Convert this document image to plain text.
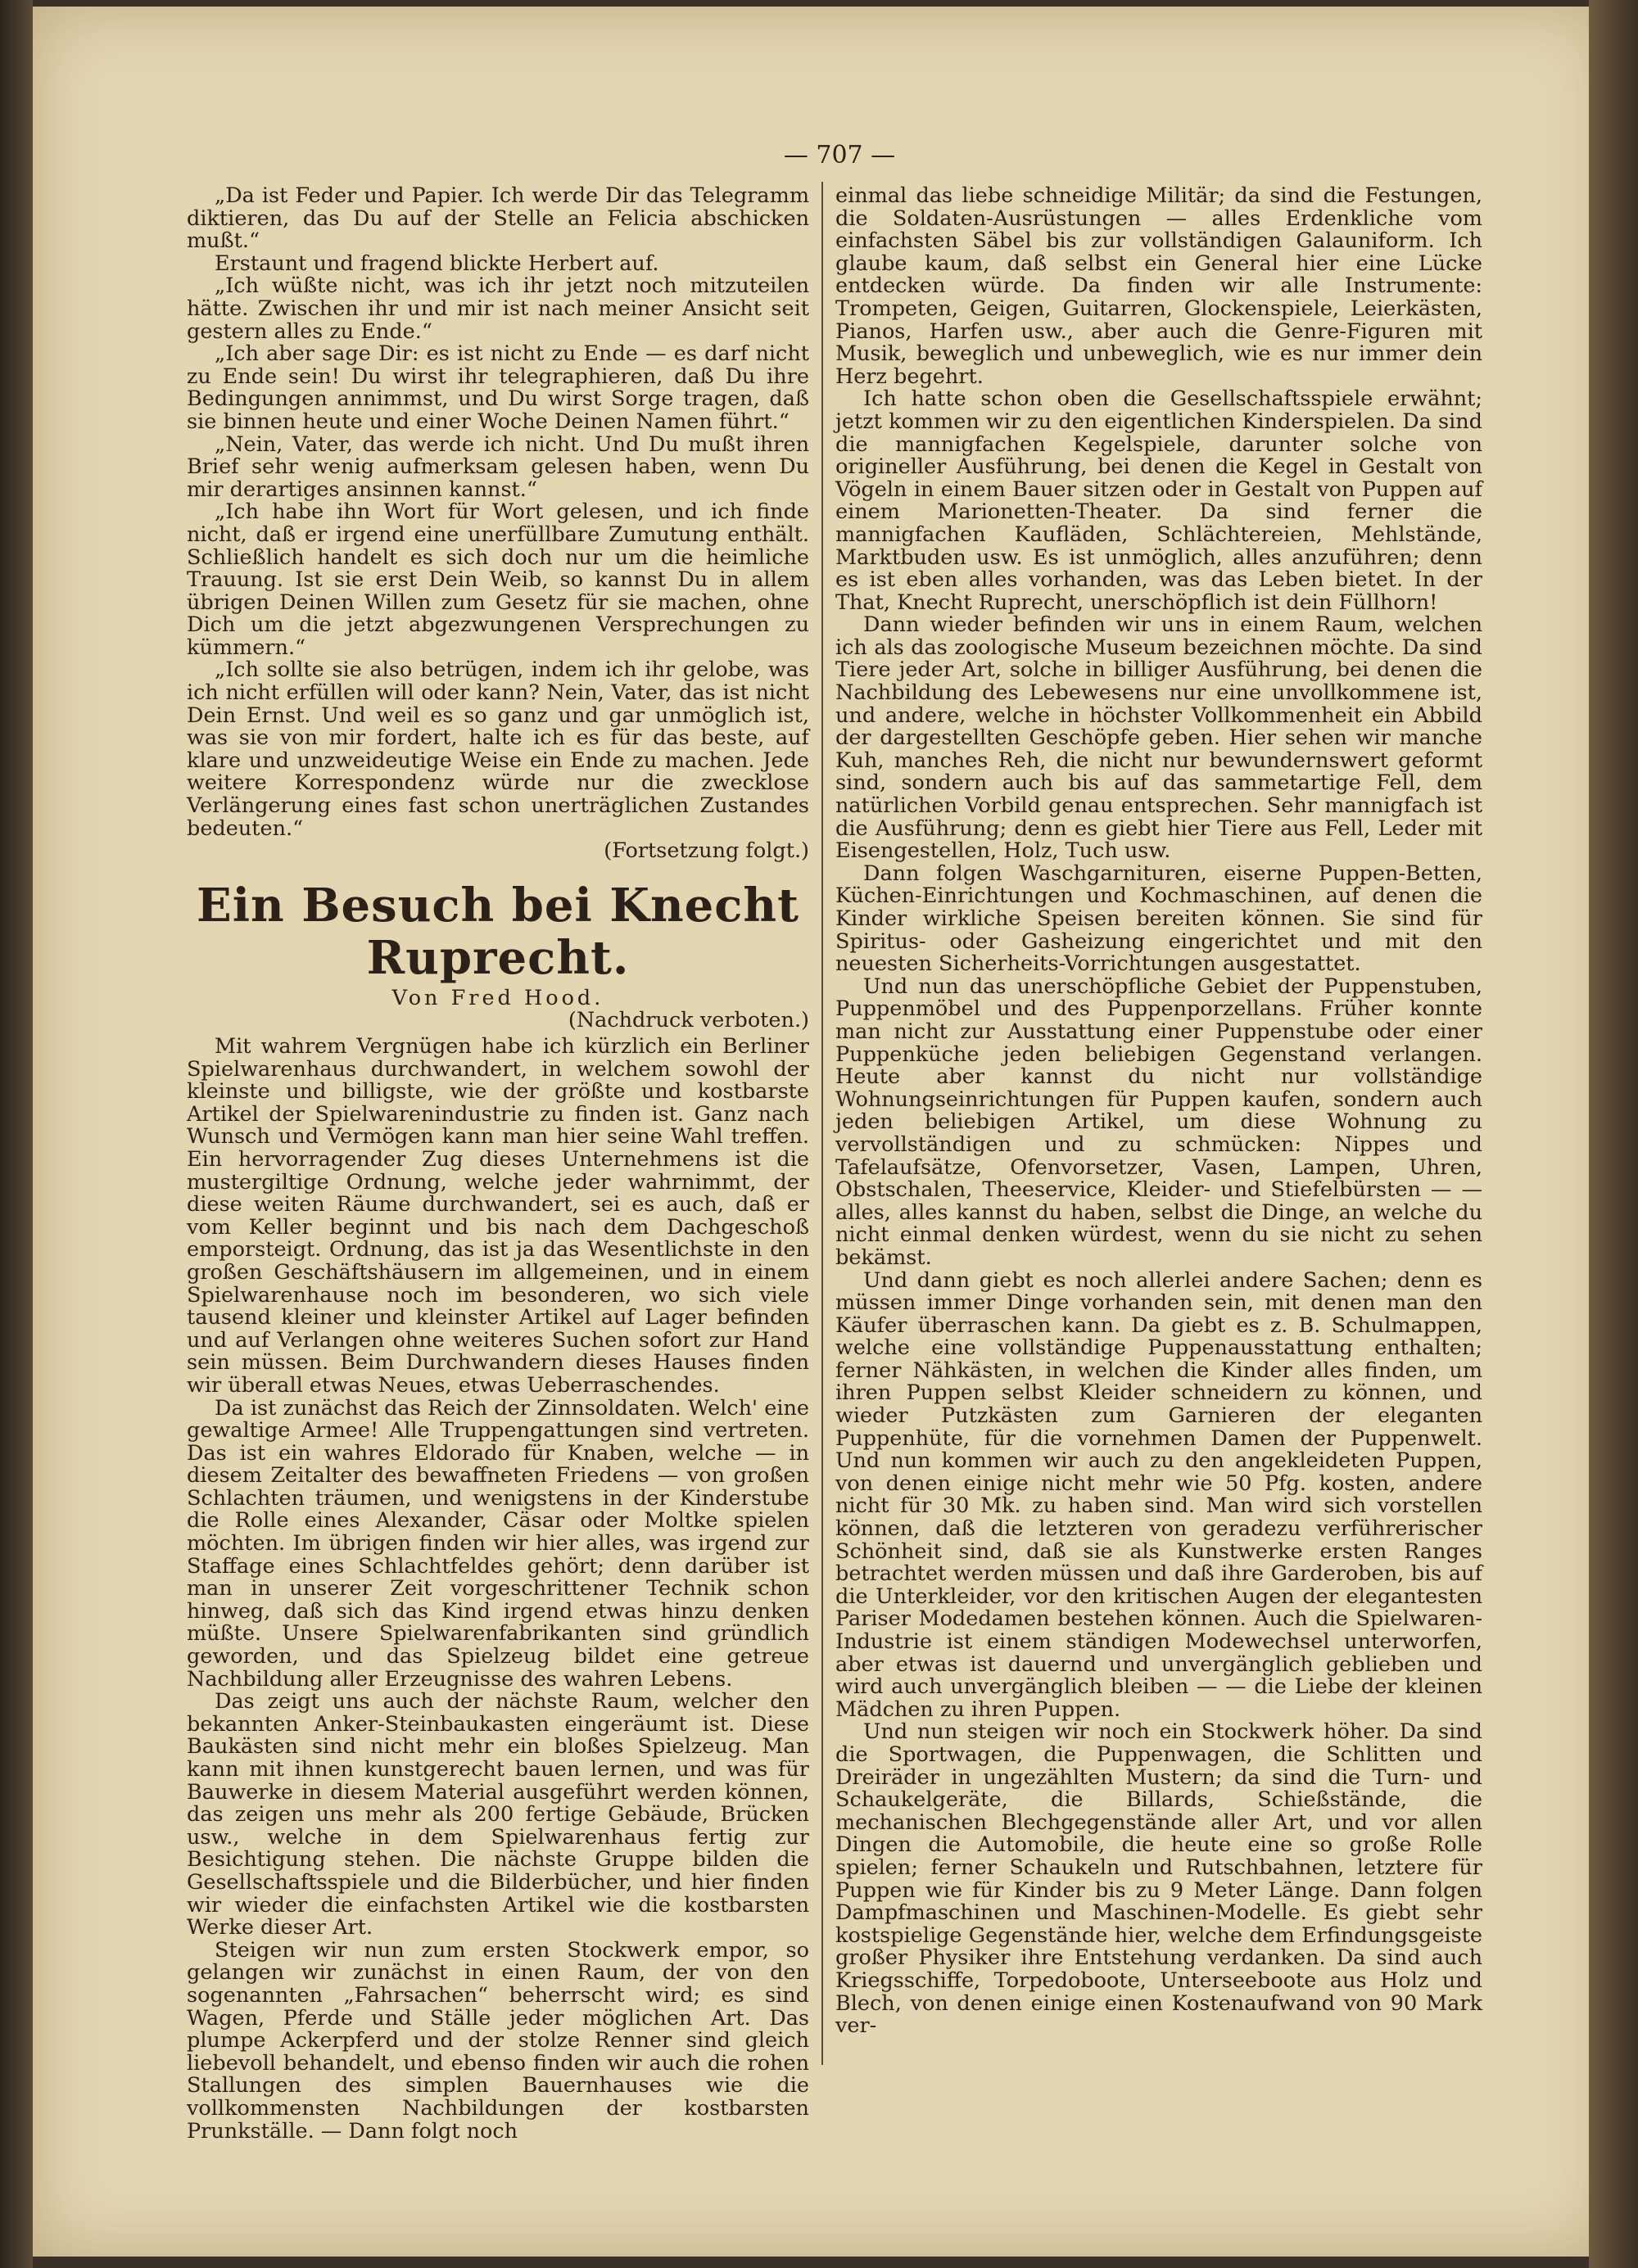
— 707 —

„Da ist Feder und Papier. Ich werde Dir das Telegramm diktieren, das Du auf der Stelle an Felicia abschicken mußt.“

Erstaunt und fragend blickte Herbert auf.

„Ich wüßte nicht, was ich ihr jetzt noch mitzuteilen hätte. Zwischen ihr und mir ist nach meiner Ansicht seit gestern alles zu Ende.“

„Ich aber sage Dir: es ist nicht zu Ende — es darf nicht zu Ende sein! Du wirst ihr telegraphieren, daß Du ihre Bedingungen annimmst, und Du wirst Sorge tragen, daß sie binnen heute und einer Woche Deinen Namen führt.“

„Nein, Vater, das werde ich nicht. Und Du mußt ihren Brief sehr wenig aufmerksam gelesen haben, wenn Du mir derartiges ansinnen kannst.“

„Ich habe ihn Wort für Wort gelesen, und ich finde nicht, daß er irgend eine unerfüllbare Zumutung enthält. Schließlich handelt es sich doch nur um die heimliche Trauung. Ist sie erst Dein Weib, so kannst Du in allem übrigen Deinen Willen zum Gesetz für sie machen, ohne Dich um die jetzt abgezwungenen Versprechungen zu kümmern.“

„Ich sollte sie also betrügen, indem ich ihr gelobe, was ich nicht erfüllen will oder kann? Nein, Vater, das ist nicht Dein Ernst. Und weil es so ganz und gar unmöglich ist, was sie von mir fordert, halte ich es für das beste, auf klare und unzweideutige Weise ein Ende zu machen. Jede weitere Korrespondenz würde nur die zwecklose Verlängerung eines fast schon unerträglichen Zustandes bedeuten.“

(Fortsetzung folgt.)

Ein Besuch bei Knecht Ruprecht.

Von Fred Hood.

(Nachdruck verboten.)

Mit wahrem Vergnügen habe ich kürzlich ein Berliner Spielwarenhaus durchwandert, in welchem sowohl der kleinste und billigste, wie der größte und kostbarste Artikel der Spielwarenindustrie zu finden ist. Ganz nach Wunsch und Vermögen kann man hier seine Wahl treffen. Ein hervorragender Zug dieses Unternehmens ist die mustergiltige Ordnung, welche jeder wahrnimmt, der diese weiten Räume durchwandert, sei es auch, daß er vom Keller beginnt und bis nach dem Dachgeschoß emporsteigt. Ordnung, das ist ja das Wesentlichste in den großen Geschäftshäusern im allgemeinen, und in einem Spielwarenhause noch im besonderen, wo sich viele tausend kleiner und kleinster Artikel auf Lager befinden und auf Verlangen ohne weiteres Suchen sofort zur Hand sein müssen. Beim Durchwandern dieses Hauses finden wir überall etwas Neues, etwas Ueberraschendes.

Da ist zunächst das Reich der Zinnsoldaten. Welch' eine gewaltige Armee! Alle Truppengattungen sind vertreten. Das ist ein wahres Eldorado für Knaben, welche — in diesem Zeitalter des bewaffneten Friedens — von großen Schlachten träumen, und wenigstens in der Kinderstube die Rolle eines Alexander, Cäsar oder Moltke spielen möchten. Im übrigen finden wir hier alles, was irgend zur Staffage eines Schlachtfeldes gehört; denn darüber ist man in unserer Zeit vorgeschrittener Technik schon hinweg, daß sich das Kind irgend etwas hinzu denken müßte. Unsere Spielwarenfabrikanten sind gründlich geworden, und das Spielzeug bildet eine getreue Nachbildung aller Erzeugnisse des wahren Lebens.

Das zeigt uns auch der nächste Raum, welcher den bekannten Anker-Steinbaukasten eingeräumt ist. Diese Baukästen sind nicht mehr ein bloßes Spielzeug. Man kann mit ihnen kunstgerecht bauen lernen, und was für Bauwerke in diesem Material ausgeführt werden können, das zeigen uns mehr als 200 fertige Gebäude, Brücken usw., welche in dem Spielwarenhaus fertig zur Besichtigung stehen. Die nächste Gruppe bilden die Gesellschaftsspiele und die Bilderbücher, und hier finden wir wieder die einfachsten Artikel wie die kostbarsten Werke dieser Art.

Steigen wir nun zum ersten Stockwerk empor, so gelangen wir zunächst in einen Raum, der von den sogenannten „Fahrsachen“ beherrscht wird; es sind Wagen, Pferde und Ställe jeder möglichen Art. Das plumpe Ackerpferd und der stolze Renner sind gleich liebevoll behandelt, und ebenso finden wir auch die rohen Stallungen des simplen Bauernhauses wie die vollkommensten Nachbildungen der kostbarsten Prunkställe. — Dann folgt noch

einmal das liebe schneidige Militär; da sind die Festungen, die Soldaten-Ausrüstungen — alles Erdenkliche vom einfachsten Säbel bis zur vollständigen Galauniform. Ich glaube kaum, daß selbst ein General hier eine Lücke entdecken würde. Da finden wir alle Instrumente: Trompeten, Geigen, Guitarren, Glockenspiele, Leierkästen, Pianos, Harfen usw., aber auch die Genre-Figuren mit Musik, beweglich und unbeweglich, wie es nur immer dein Herz begehrt.

Ich hatte schon oben die Gesellschaftsspiele erwähnt; jetzt kommen wir zu den eigentlichen Kinderspielen. Da sind die mannigfachen Kegelspiele, darunter solche von origineller Ausführung, bei denen die Kegel in Gestalt von Vögeln in einem Bauer sitzen oder in Gestalt von Puppen auf einem Marionetten-Theater. Da sind ferner die mannigfachen Kaufläden, Schlächtereien, Mehlstände, Marktbuden usw. Es ist unmöglich, alles anzuführen; denn es ist eben alles vorhanden, was das Leben bietet. In der That, Knecht Ruprecht, unerschöpflich ist dein Füllhorn!

Dann wieder befinden wir uns in einem Raum, welchen ich als das zoologische Museum bezeichnen möchte. Da sind Tiere jeder Art, solche in billiger Ausführung, bei denen die Nachbildung des Lebewesens nur eine unvollkommene ist, und andere, welche in höchster Vollkommenheit ein Abbild der dargestellten Geschöpfe geben. Hier sehen wir manche Kuh, manches Reh, die nicht nur bewundernswert geformt sind, sondern auch bis auf das sammetartige Fell, dem natürlichen Vorbild genau entsprechen. Sehr mannigfach ist die Ausführung; denn es giebt hier Tiere aus Fell, Leder mit Eisengestellen, Holz, Tuch usw.

Dann folgen Waschgarnituren, eiserne Puppen-Betten, Küchen-Einrichtungen und Kochmaschinen, auf denen die Kinder wirkliche Speisen bereiten können. Sie sind für Spiritus- oder Gasheizung eingerichtet und mit den neuesten Sicherheits-Vorrichtungen ausgestattet.

Und nun das unerschöpfliche Gebiet der Puppenstuben, Puppenmöbel und des Puppenporzellans. Früher konnte man nicht zur Ausstattung einer Puppenstube oder einer Puppenküche jeden beliebigen Gegenstand verlangen. Heute aber kannst du nicht nur vollständige Wohnungseinrichtungen für Puppen kaufen, sondern auch jeden beliebigen Artikel, um diese Wohnung zu vervollständigen und zu schmücken: Nippes und Tafelaufsätze, Ofenvorsetzer, Vasen, Lampen, Uhren, Obstschalen, Theeservice, Kleider- und Stiefelbürsten — — alles, alles kannst du haben, selbst die Dinge, an welche du nicht einmal denken würdest, wenn du sie nicht zu sehen bekämst.

Und dann giebt es noch allerlei andere Sachen; denn es müssen immer Dinge vorhanden sein, mit denen man den Käufer überraschen kann. Da giebt es z. B. Schulmappen, welche eine vollständige Puppenausstattung enthalten; ferner Nähkästen, in welchen die Kinder alles finden, um ihren Puppen selbst Kleider schneidern zu können, und wieder Putzkästen zum Garnieren der eleganten Puppenhüte, für die vornehmen Damen der Puppenwelt. Und nun kommen wir auch zu den angekleideten Puppen, von denen einige nicht mehr wie 50 Pfg. kosten, andere nicht für 30 Mk. zu haben sind. Man wird sich vorstellen können, daß die letzteren von geradezu verführerischer Schönheit sind, daß sie als Kunstwerke ersten Ranges betrachtet werden müssen und daß ihre Garderoben, bis auf die Unterkleider, vor den kritischen Augen der elegantesten Pariser Modedamen bestehen können. Auch die Spielwaren-Industrie ist einem ständigen Modewechsel unterworfen, aber etwas ist dauernd und unvergänglich geblieben und wird auch unvergänglich bleiben — — die Liebe der kleinen Mädchen zu ihren Puppen.

Und nun steigen wir noch ein Stockwerk höher. Da sind die Sportwagen, die Puppenwagen, die Schlitten und Dreiräder in ungezählten Mustern; da sind die Turn- und Schaukelgeräte, die Billards, Schießstände, die mechanischen Blechgegenstände aller Art, und vor allen Dingen die Automobile, die heute eine so große Rolle spielen; ferner Schaukeln und Rutschbahnen, letztere für Puppen wie für Kinder bis zu 9 Meter Länge. Dann folgen Dampfmaschinen und Maschinen-Modelle. Es giebt sehr kostspielige Gegenstände hier, welche dem Erfindungsgeiste großer Physiker ihre Entstehung verdanken. Da sind auch Kriegsschiffe, Torpedoboote, Unterseeboote aus Holz und Blech, von denen einige einen Kostenaufwand von 90 Mark ver-
